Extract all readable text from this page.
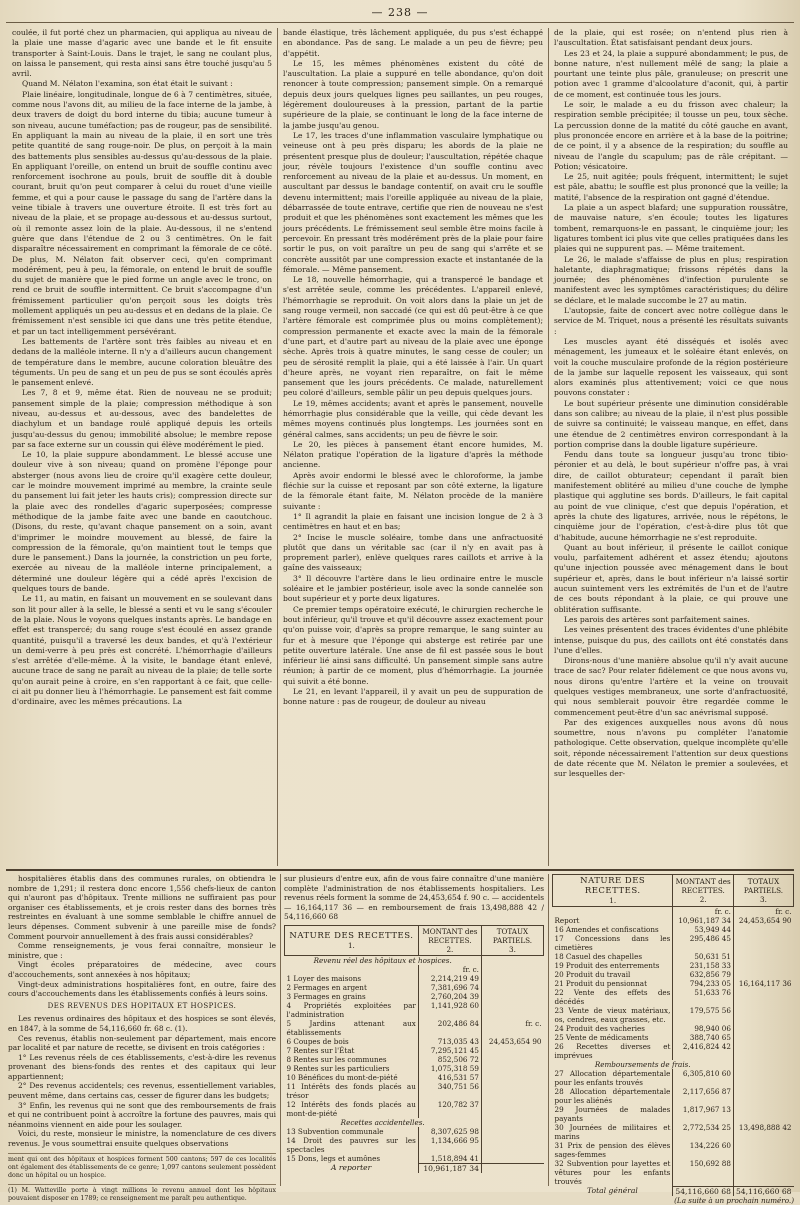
— 238 —

coulée, il fut porté chez un pharmacien, qui appliqua au niveau de la plaie une masse d'agaric avec une bande et le fit ensuite transporter à Saint-Louis. Dans le trajet, le sang ne coulant plus, on laissa le pansement, qui resta ainsi sans être touché jusqu'au 5 avril.

Quand M. Nélaton l'examina, son état était le suivant :

Plaie linéaire, longitudinale, longue de 6 à 7 centimètres, située, comme nous l'avons dit, au milieu de la face interne de la jambe, à deux travers de doigt du bord interne du tibia; aucune tumeur à son niveau, aucune tuméfaction; pas de rougeur, pas de sensibilité. En appliquant la main au niveau de la plaie, il en sort une très petite quantité de sang rouge-noir. De plus, on perçoit à la main des battements plus sensibles au-dessus qu'au-dessous de la plaie. En appliquant l'oreille, on entend un bruit de souffle continu avec renforcement isochrone au pouls, bruit de souffle dit à double courant, bruit qu'on peut comparer à celui du rouet d'une vieille femme, et qui a pour cause le passage du sang de l'artère dans la veine tibiale à travers une ouverture étroite. Il est très fort au niveau de la plaie, et se propage au-dessous et au-dessus surtout, où il remonte assez loin de la plaie. Au-dessous, il ne s'entend guère que dans l'étendue de 2 ou 3 centimètres. On le fait disparaître nécessairement en comprimant la fémorale de ce côté. De plus, M. Nélaton fait observer ceci, qu'en comprimant modérément, peu à peu, la fémorale, on entend le bruit de souffle du sujet de manière que le pied forme un angle avec le tronc, on rend ce bruit de souffle intermittent. Ce bruit s'accompagne d'un frémissement particulier qu'on perçoit sous les doigts très mollement appliqués un peu au-dessus et en dedans de la plaie. Ce frémissement n'est sensible ici que dans une très petite étendue, et par un tact intelligemment persévérant.

Les battements de l'artère sont très faibles au niveau et en dedans de la malléole interne. Il n'y a d'ailleurs aucun changement de température dans le membre, aucune coloration bleuâtre des téguments. Un peu de sang et un peu de pus se sont écoulés après le pansement enlevé.

Les 7, 8 et 9, même état. Rien de nouveau ne se produit; pansement simple de la plaie; compression méthodique à son niveau, au-dessus et au-dessous, avec des bandelettes de diachylum et un bandage roulé appliqué depuis les orteils jusqu'au-dessus du genou; immobilité absolue; le membre repose par sa face externe sur un coussin qui élève modérément le pied.

Le 10, la plaie suppure abondamment. Le blessé accuse une douleur vive à son niveau; quand on promène l'éponge pour absterger (nous avons lieu de croire qu'il exagère cette douleur, car le moindre mouvement imprimé au membre, la crainte seule du pansement lui fait jeter les hauts cris); compression directe sur la plaie avec des rondelles d'agaric superposées; compresse méthodique de la jambe faite avec une bande en caoutchouc. (Disons, du reste, qu'avant chaque pansement on a soin, avant d'imprimer le moindre mouvement au blessé, de faire la compression de la fémorale, qu'on maintient tout le temps que dure le pansement.) Dans la journée, la constriction un peu forte, exercée au niveau de la malléole interne principalement, a déterminé une douleur légère qui a cédé après l'excision de quelques tours de bande.

Le 11, au matin, en faisant un mouvement en se soulevant dans son lit pour aller à la selle, le blessé a senti et vu le sang s'écouler de la plaie. Nous le voyons quelques instants après. Le bandage en effet est transpercé; du sang rouge s'est écoulé en assez grande quantité, puisqu'il a traversé les deux bandes, et qu'à l'extérieur un demi-verre à peu près est concrété. L'hémorrhagie d'ailleurs s'est arrêtée d'elle-même. À la visite, le bandage étant enlevé, aucune trace de sang ne paraît au niveau de la plaie; de telle sorte qu'on aurait peine à croire, en s'en rapportant à ce fait, que celle-ci ait pu donner lieu à l'hémorrhagie. Le pansement est fait comme d'ordinaire, avec les mêmes précautions. La

bande élastique, très lâchement appliquée, du pus s'est échappé en abondance. Pas de sang. Le malade a un peu de fièvre; peu d'appétit.

Le 15, les mêmes phénomènes existent du côté de l'auscultation. La plaie a suppuré en telle abondance, qu'on doit renoncer à toute compression; pansement simple. On a remarqué depuis deux jours quelques lignes peu saillantes, un peu rouges, légèrement douloureuses à la pression, partant de la partie supérieure de la plaie, se continuant le long de la face interne de la jambe jusqu'au genou.

Le 17, les traces d'une inflammation vasculaire lymphatique ou veineuse ont à peu près disparu; les abords de la plaie ne présentent presque plus de douleur; l'auscultation, répétée chaque jour, révèle toujours l'existence d'un souffle continu avec renforcement au niveau de la plaie et au-dessus. Un moment, en auscultant par dessus le bandage contentif, on avait cru le souffle devenu intermittent; mais l'oreille appliquée au niveau de la plaie, débarrassée de toute entrave, certifie que rien de nouveau ne s'est produit et que les phénomènes sont exactement les mêmes que les jours précédents. Le frémissement seul semble être moins facile à percevoir. En pressant très modérément près de la plaie pour faire sortir le pus, on voit paraître un peu de sang qui s'arrête et se concrète aussitôt par une compression exacte et instantanée de la fémorale. — Même pansement.

Le 18, nouvelle hémorrhagie, qui a transpercé le bandage et s'est arrêtée seule, comme les précédentes. L'appareil enlevé, l'hémorrhagie se reproduit. On voit alors dans la plaie un jet de sang rouge vermeil, non saccadé (ce qui est dû peut-être à ce que l'artère fémorale est comprimée plus ou moins complètement); compression permanente et exacte avec la main de la fémorale d'une part, et d'autre part au niveau de la plaie avec une éponge sèche. Après trois à quatre minutes, le sang cesse de couler; un peu de sérosité remplit la plaie, qui a été laissée à l'air. Un quart d'heure après, ne voyant rien reparaître, on fait le même pansement que les jours précédents. Ce malade, naturellement peu coloré d'ailleurs, semble pâlir un peu depuis quelques jours.

Le 19, mêmes accidents; avant et après le pansement, nouvelle hémorrhagie plus considérable que la veille, qui cède devant les mêmes moyens continués plus longtemps. Les journées sont en général calmes, sans accidents; un peu de fièvre le soir.

Le 20, les pièces à pansement étant encore humides, M. Nélaton pratique l'opération de la ligature d'après la méthode ancienne.

Après avoir endormi le blessé avec le chloroforme, la jambe fléchie sur la cuisse et reposant par son côté externe, la ligature de la fémorale étant faite, M. Nélaton procède de la manière suivante :

1° Il agrandit la plaie en faisant une incision longue de 2 à 3 centimètres en haut et en bas;

2° Incise le muscle soléaire, tombe dans une anfractuosité plutôt que dans un véritable sac (car il n'y en avait pas à proprement parler), enlève quelques rares caillots et arrive à la gaîne des vaisseaux;

3° Il découvre l'artère dans le lieu ordinaire entre le muscle soléaire et le jambier postérieur, isole avec la sonde cannelée son bout supérieur et y porte deux ligatures.

Ce premier temps opératoire exécuté, le chirurgien recherche le bout inférieur, qu'il trouve et qu'il découvre assez exactement pour qu'on puisse voir, d'après sa propre remarque, le sang suinter au fur et à mesure que l'éponge qui absterge est retirée par une petite ouverture latérale. Une anse de fil est passée sous le bout inférieur lié ainsi sans difficulté. Un pansement simple sans autre réunion; à partir de ce moment, plus d'hémorrhagie. La journée qui suivit a été bonne.

Le 21, en levant l'appareil, il y avait un peu de suppuration de bonne nature : pas de rougeur, de douleur au niveau

de la plaie, qui est rosée; on n'entend plus rien à l'auscultation. État satisfaisant pendant deux jours.

Les 23 et 24, la plaie a suppuré abondamment; le pus, de bonne nature, n'est nullement mêlé de sang; la plaie a pourtant une teinte plus pâle, granuleuse; on prescrit une potion avec 1 gramme d'alcoolature d'aconit, qui, à partir de ce moment, est continuée tous les jours.

Le soir, le malade a eu du frisson avec chaleur; la respiration semble précipitée; il tousse un peu, toux sèche. La percussion donne de la matité du côté gauche en avant, plus prononcée encore en arrière et à la base de la poitrine; de ce point, il y a absence de la respiration; du souffle au niveau de l'angle du scapulum; pas de râle crépitant. — Potion; vésicatoire.

Le 25, nuit agitée; pouls fréquent, intermittent; le sujet est pâle, abattu; le souffle est plus prononcé que la veille; la matité, l'absence de la respiration ont gagné d'étendue.

La plaie a un aspect blafard; une suppuration roussâtre, de mauvaise nature, s'en écoule; toutes les ligatures tombent, remarquons-le en passant, le cinquième jour; les ligatures tombent ici plus vite que celles pratiquées dans les plaies qui ne suppurent pas. — Même traitement.

Le 26, le malade s'affaisse de plus en plus; respiration haletante, diaphragmatique; frissons répétés dans la journée; des phénomènes d'infection purulente se manifestent avec les symptômes caractéristiques; du délire se déclare, et le malade succombe le 27 au matin.

L'autopsie, faite de concert avec notre collègue dans le service de M. Triquet, nous a présenté les résultats suivants :

Les muscles ayant été disséqués et isolés avec ménagement, les jumeaux et le soléaire étant enlevés, on voit la couche musculaire profonde de la région postérieure de la jambe sur laquelle reposent les vaisseaux, qui sont alors examinés plus attentivement; voici ce que nous pouvons constater :

Le bout supérieur présente une diminution considérable dans son calibre; au niveau de la plaie, il n'est plus possible de suivre sa continuité; le vaisseau manque, en effet, dans une étendue de 2 centimètres environ correspondant à la portion comprise dans la double ligature supérieure.

Fendu dans toute sa longueur jusqu'au tronc tibio-péronier et au delà, le bout supérieur n'offre pas, à vrai dire, de caillot obturateur; cependant il paraît bien manifestement oblitéré au milieu d'une couche de lymphe plastique qui agglutine ses bords. D'ailleurs, le fait capital au point de vue clinique, c'est que depuis l'opération, et après la chute des ligatures, arrivée, nous le répétons, le cinquième jour de l'opération, c'est-à-dire plus tôt que d'habitude, aucune hémorrhagie ne s'est reproduite.

Quant au bout inférieur, il présente le caillot conique voulu, parfaitement adhérent et assez étendu; ajoutons qu'une injection poussée avec ménagement dans le bout supérieur et, après, dans le bout inférieur n'a laissé sortir aucun suintement vers les extrémités de l'un et de l'autre de ces bouts répondant à la plaie, ce qui prouve une oblitération suffisante.

Les parois des artères sont parfaitement saines.

Les veines présentent des traces évidentes d'une phlébite intense, puisque du pus, des caillots ont été constatés dans l'une d'elles.

Dirons-nous d'une manière absolue qu'il n'y avait aucune trace de sac? Pour relater fidèlement ce que nous avons vu, nous dirons qu'entre l'artère et la veine on trouvait quelques vestiges membraneux, une sorte d'anfractuosité, qui nous semblerait pouvoir être regardée comme le commencement peut-être d'un sac anévrismal supposé.

Par des exigences auxquelles nous avons dû nous soumettre, nous n'avons pu compléter l'anatomie pathologique. Cette observation, quelque incomplète qu'elle soit, réponde nécessairement l'attention sur deux questions de date récente que M. Nélaton le premier a soulevées, et sur lesquelles der-

hospitalières établis dans des communes rurales, on obtiendra le nombre de 1,291; il restera donc encore 1,556 chefs-lieux de canton qui n'auront pas d'hôpitaux. Trente millions ne suffiraient pas pour organiser ces établissements, et je crois rester dans des bornes très restreintes en évaluant à une somme semblable le chiffre annuel de leurs dépenses. Comment subvenir à une pareille mise de fonds? Comment pourvoir annuellement à des frais aussi considérables?

Comme renseignements, je vous ferai connaître, monsieur le ministre, que :

Vingt écoles préparatoires de médecine, avec cours d'accouchements, sont annexées à nos hôpitaux;

Vingt-deux administrations hospitalières font, en outre, faire des cours d'accouchements dans les établissements confiés à leurs soins.

DES REVENUS DES HOPITAUX ET HOSPICES.

Les revenus ordinaires des hôpitaux et des hospices se sont élevés, en 1847, à la somme de 54,116,660 fr. 68 c. (1).

Ces revenus, établis non-seulement par département, mais encore par localité et par nature de recette, se divisent en trois catégories :

1° Les revenus réels de ces établissements, c'est-à-dire les revenus provenant des biens-fonds des rentes et des capitaux qui leur appartiennent;

2° Des revenus accidentels; ces revenus, essentiellement variables, peuvent même, dans certains cas, cesser de figurer dans les budgets;

3° Enfin, les revenus qui ne sont que des remboursements de frais et qui ne contribuent point à accroître la fortune des pauvres, mais qui néanmoins viennent en aide pour les soulager.

Voici, du reste, monsieur le ministre, la nomenclature de ces divers revenus. Je vous soumettrai ensuite quelques observations

ment qui ont des hôpitaux et hospices forment 500 cantons; 597 de ces localités ont également des établissements de ce genre; 1,097 cantons seulement possèdent donc un hôpital ou un hospice.
(1) M. Watteville porte à vingt millions le revenu annuel dont les hôpitaux pouvaient disposer en 1789; ce renseignement me paraît peu authentique.
sur plusieurs d'entre eux, afin de vous faire connaître d'une manière complète l'administration de nos établissements hospitaliers. Les revenus réels forment la somme de 24,453,654 f. 90 c. — accidentels — 16,164,117 36 — en remboursement de frais 13,498,888 42 / 54,116,660 68
NATURE DES RECETTES.
1.	MONTANT des RECETTES.
2.	TOTAUX PARTIELS.
3.
Revenu réel des hôpitaux et hospices.		
	fr. c.	
1 Loyer des maisons	2,214,219 49	
2 Fermages en argent	7,381,696 74	
3 Fermages en grains	2,760,204 39	
4 Propriétés exploitées par l'administration	1,141,928 60	
5 Jardins attenant aux établissements	202,486 84	fr. c.
6 Coupes de bois	713,035 43	24,453,654 90
7 Rentes sur l'État	7,295,121 45	
8 Rentes sur les communes	852,506 72	
9 Rentes sur les particuliers	1,075,318 59	
10 Bénéfices du mont-de-piété	416,531 57	
11 Intérêts des fonds placés au trésor	340,751 56	
12 Intérêts des fonds placés au mont-de-piété	120,782 37	
Recettes accidentelles.		
13 Subvention communale	8,307,625 98	
14 Droit des pauvres sur les spectacles	1,134,666 95	
15 Dons, legs et aumônes	1,518,894 41	
A reporter	10,961,187 34	
NATURE DES RECETTES.
1.	MONTANT des RECETTES.
2.	TOTAUX PARTIELS.
3.
	fr. c.	fr. c.
Report	10,961,187 34	24,453,654 90
16 Amendes et confiscations	53,949 44	
17 Concessions dans les cimetières	295,486 45	
18 Casuel des chapelles	50,631 51	
19 Produit des enterrements	231,158 33	
20 Produit du travail	632,856 79	
21 Produit du pensionnat	794,233 05	16,164,117 36
22 Vente des effets des décédés	51,633 76	
23 Vente de vieux matériaux, os, cendres, eaux grasses, etc.	179,575 56	
24 Produit des vacheries	98,940 06	
25 Vente de médicaments	388,740 65	
26 Recettes diverses et imprévues	2,416,824 42	
Remboursements de frais.		
27 Allocation départementale pour les enfants trouvés	6,305,810 60	
28 Allocation départementale pour les aliénés	2,117,656 87	
29 Journées de malades payants	1,817,967 13	
30 Journées de militaires et marins	2,772,534 25	13,498,888 42
31 Prix de pension des élèves sages-femmes	134,226 60	
32 Subvention pour layettes et vêtures pour les enfants trouvés	150,692 88	
Total général	54,116,660 68	54,116,660 68
(La suite à un prochain numéro.)
